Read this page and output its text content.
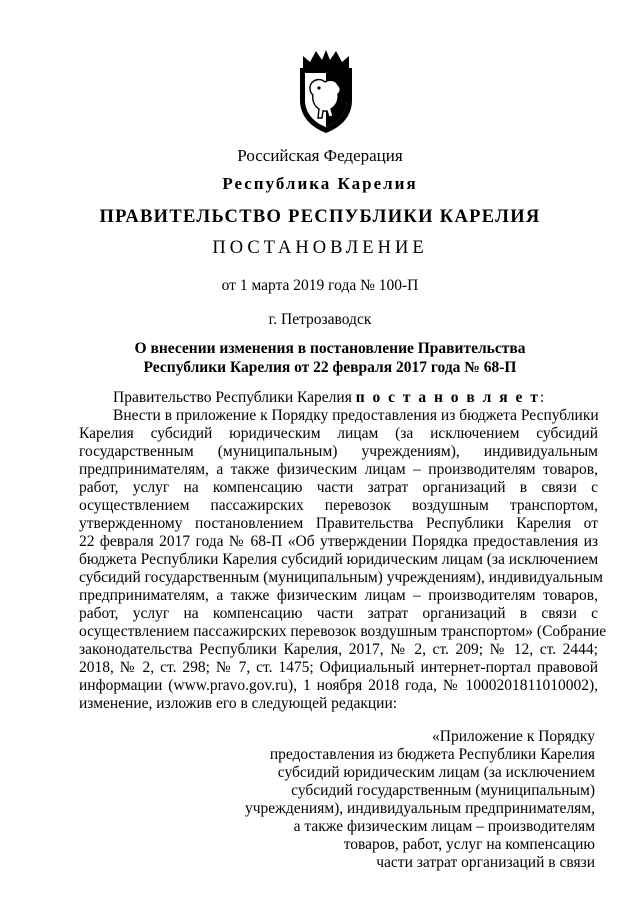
Российская Федерация
Республика Карелия
ПРАВИТЕЛЬСТВО РЕСПУБЛИКИ КАРЕЛИЯ
ПОСТАНОВЛЕНИЕ
от 1 марта 2019 года № 100-П
г. Петрозаводск
О внесении изменения в постановление Правительства
Республики Карелия от 22 февраля 2017 года № 68-П
Правительство Республики Карелия п о с т а н о в л я е т:
Внести в приложение к Порядку предоставления из бюджета Республики
Карелия субсидий юридическим лицам (за исключением субсидий
государственным (муниципальным) учреждениям), индивидуальным
предпринимателям, а также физическим лицам – производителям товаров,
работ, услуг на компенсацию части затрат организаций в связи с
осуществлением пассажирских перевозок воздушным транспортом,
утвержденному постановлением Правительства Республики Карелия от
22 февраля 2017 года № 68-П «Об утверждении Порядка предоставления из
бюджета Республики Карелия субсидий юридическим лицам (за исключением
субсидий государственным (муниципальным) учреждениям), индивидуальным
предпринимателям, а также физическим лицам – производителям товаров,
работ, услуг на компенсацию части затрат организаций в связи с
осуществлением пассажирских перевозок воздушным транспортом» (Собрание
законодательства Республики Карелия, 2017, № 2, ст. 209; № 12, ст. 2444;
2018, № 2, ст. 298; № 7, ст. 1475; Официальный интернет-портал правовой
информации (www.pravo.gov.ru), 1 ноября 2018 года, № 1000201811010002),
изменение, изложив его в следующей редакции:
«Приложение к Порядку
предоставления из бюджета Республики Карелия
субсидий юридическим лицам (за исключением
субсидий государственным (муниципальным)
учреждениям), индивидуальным предпринимателям,
а также физическим лицам – производителям
товаров, работ, услуг на компенсацию
части затрат организаций в связи
